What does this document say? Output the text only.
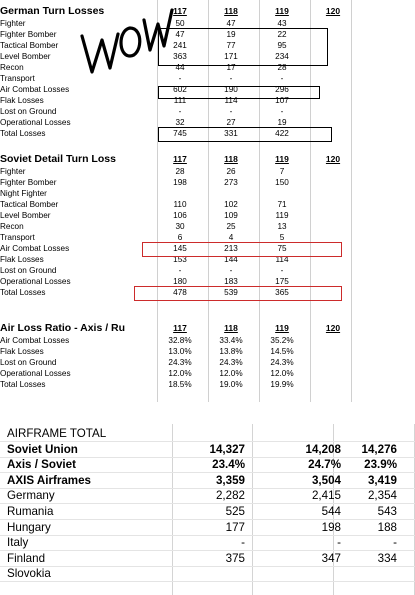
German Turn Losses	117	118	119	120
Fighter	50	47	43
Fighter Bomber	47	19	22
Tactical Bomber	241	77	95
Level Bomber	363	171	234
Recon	44	17	28
Transport	-	-	-
Air Combat Losses	602	190	296
Flak Losses	111	114	107
Lost on Ground	-	-	-
Operational Losses	32	27	19
Total Losses	745	331	422
Soviet Detail Turn Loss	117	118	119	120
Fighter	28	26	7
Fighter Bomber	198	273	150
Night Fighter
Tactical Bomber	110	102	71
Level Bomber	106	109	119
Recon	30	25	13
Transport	6	4	5
Air Combat Losses	145	213	75
Flak Losses	153	144	114
Lost on Ground	-	-	-
Operational Losses	180	183	175
Total Losses	478	539	365
Air Loss Ratio - Axis / Ru	117	118	119	120
Air Combat Losses	32.8%	33.4%	35.2%
Flak Losses	13.0%	13.8%	14.5%
Lost on Ground	24.3%	24.3%	24.3%
Operational Losses	12.0%	12.0%	12.0%
Total Losses	18.5%	19.0%	19.9%
AIRFRAME TOTAL
Soviet Union	14,327	14,208	14,276
Axis / Soviet	23.4%	24.7%	23.9%
AXIS Airframes	3,359	3,504	3,419
Germany	2,282	2,415	2,354
Rumania	525	544	543
Hungary	177	198	188
Italy	-	-	-
Finland	375	347	334
Slovokia
